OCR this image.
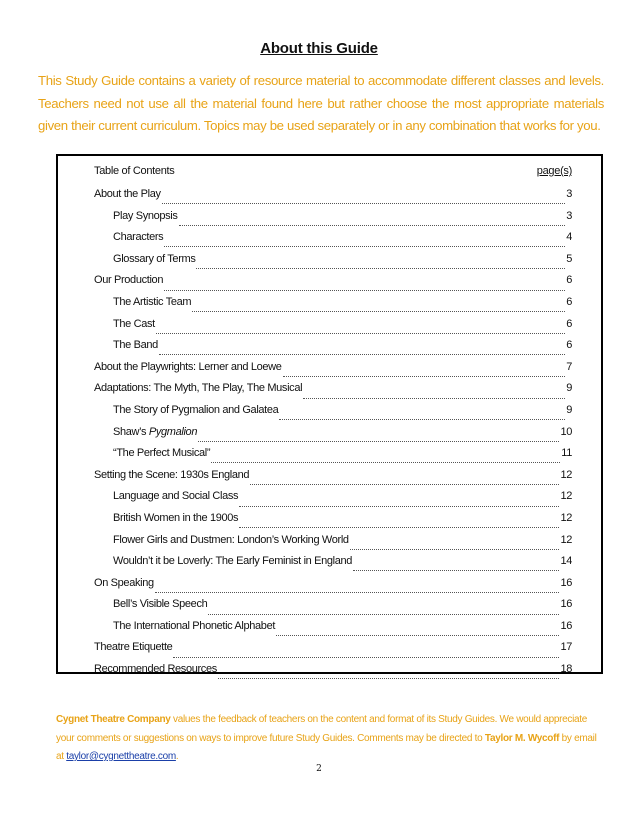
About this Guide
This Study Guide contains a variety of resource material to accommodate different classes and levels. Teachers need not use all the material found here but rather choose the most appropriate materials given their current curriculum. Topics may be used separately or in any combination that works for you.
Table of Contents	page(s)
About the Play	3
Play Synopsis	3
Characters	4
Glossary of Terms	5
Our Production	6
The Artistic Team	6
The Cast	6
The Band	6
About the Playwrights: Lerner and Loewe	7
Adaptations: The Myth, The Play, The Musical	9
The Story of Pygmalion and Galatea	9
Shaw’s Pygmalion	10
“The Perfect Musical”	11
Setting the Scene: 1930s England	12
Language and Social Class	12
British Women in the 1900s	12
Flower Girls and Dustmen: London’s Working World	12
Wouldn’t it be Loverly: The Early Feminist in England	14
On Speaking	16
Bell’s Visible Speech	16
The International Phonetic Alphabet	16
Theatre Etiquette	17
Recommended Resources	18
Cygnet Theatre Company values the feedback of teachers on the content and format of its Study Guides. We would appreciate your comments or suggestions on ways to improve future Study Guides. Comments may be directed to Taylor M. Wycoff by email at taylor@cygnettheatre.com.
2
